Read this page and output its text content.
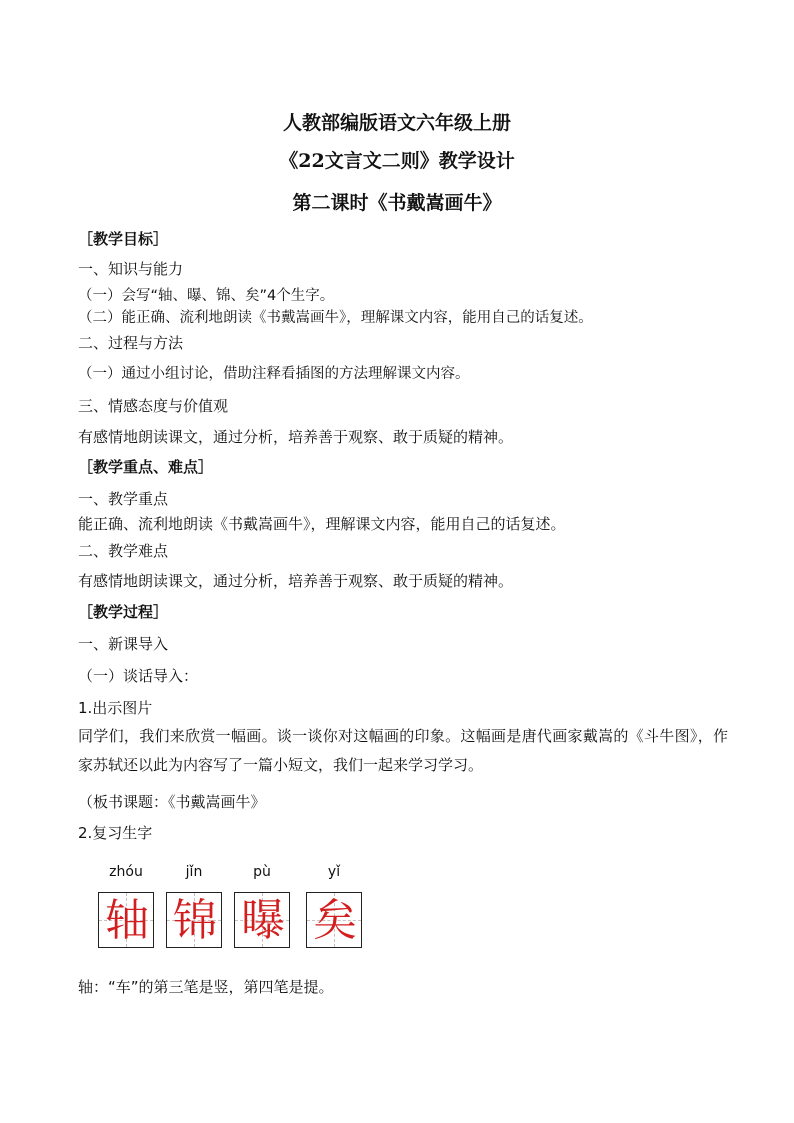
人教部编版语文六年级上册
《22文言文二则》教学设计
第二课时《书戴嵩画牛》
［教学目标］
一、知识与能力
（一）会写“轴、曝、锦、矣”4个生字。
（二）能正确、流利地朗读《书戴嵩画牛》，理解课文内容，能用自己的话复述。
二、过程与方法
（一）通过小组讨论，借助注释看插图的方法理解课文内容。
三、情感态度与价值观
有感情地朗读课文，通过分析，培养善于观察、敢于质疑的精神。
［教学重点、难点］
一、教学重点
能正确、流利地朗读《书戴嵩画牛》，理解课文内容，能用自己的话复述。
二、教学难点
有感情地朗读课文，通过分析，培养善于观察、敢于质疑的精神。
［教学过程］
一、新课导入
（一）谈话导入：
1.出示图片
同学们，我们来欣赏一幅画。谈一谈你对这幅画的印象。这幅画是唐代画家戴嵩的《斗牛图》，作家苏轼还以此为内容写了一篇小短文，我们一起来学习学习。
（板书课题：《书戴嵩画牛》
2.复习生字
zhóu
轴
jǐn
锦
pù
曝
yǐ
矣
轴：“车”的第三笔是竖，第四笔是提。
